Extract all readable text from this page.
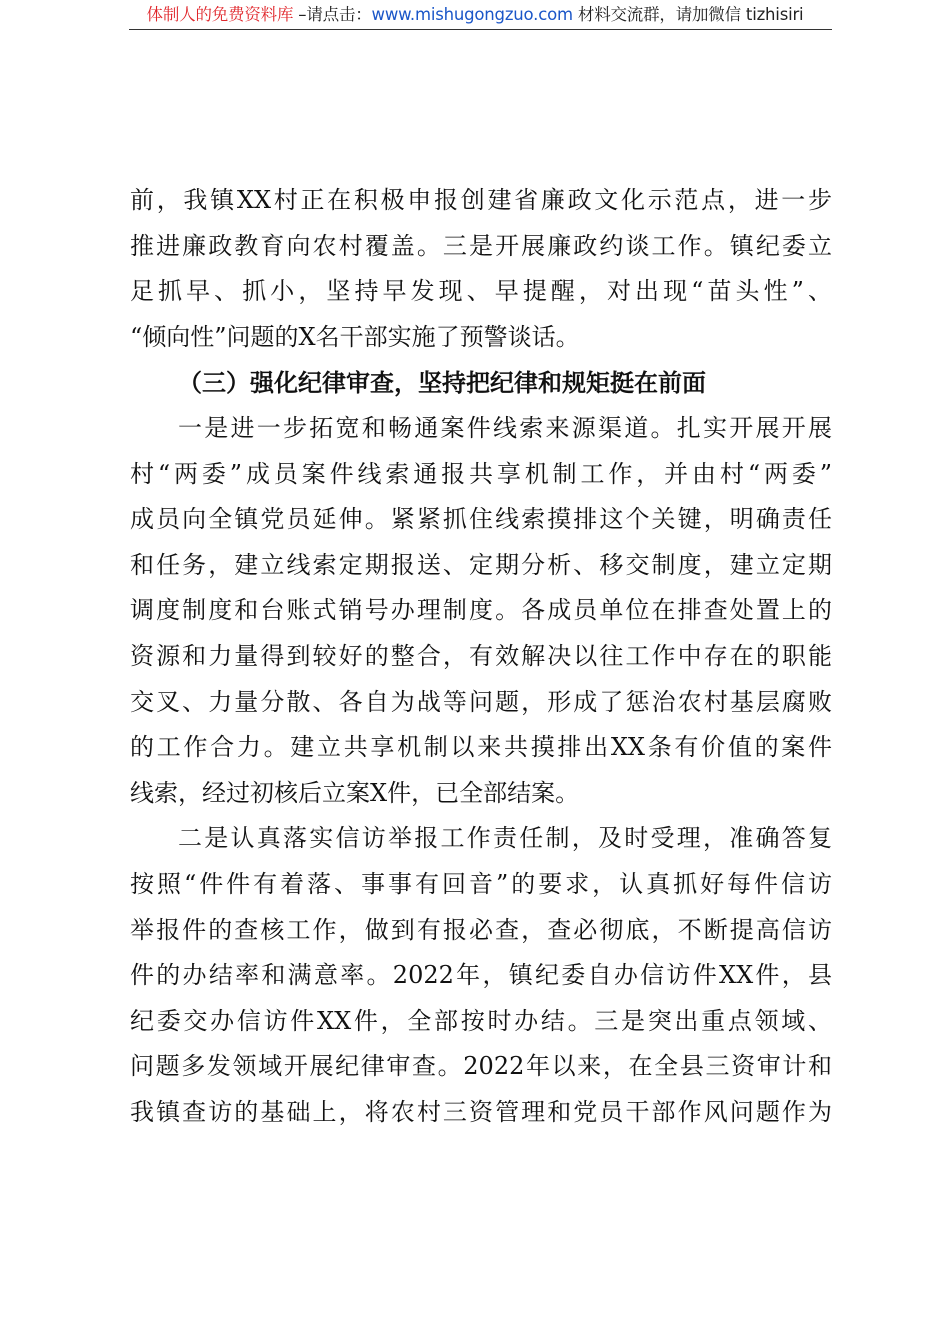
体制人的免费资料库 –请点击：www.mishugongzuo.com 材料交流群，请加微信 tizhisiri
前，我镇XX村正在积极申报创建省廉政文化示范点，进一步
推进廉政教育向农村覆盖。三是开展廉政约谈工作。镇纪委立
足抓早、抓小，坚持早发现、早提醒，对出现“苗头性”、
“倾向性”问题的X名干部实施了预警谈话。
（三）强化纪律审查，坚持把纪律和规矩挺在前面
一是进一步拓宽和畅通案件线索来源渠道。扎实开展开展
村“两委”成员案件线索通报共享机制工作，并由村“两委”
成员向全镇党员延伸。紧紧抓住线索摸排这个关键，明确责任
和任务，建立线索定期报送、定期分析、移交制度，建立定期
调度制度和台账式销号办理制度。各成员单位在排查处置上的
资源和力量得到较好的整合，有效解决以往工作中存在的职能
交叉、力量分散、各自为战等问题，形成了惩治农村基层腐败
的工作合力。建立共享机制以来共摸排出XX条有价值的案件
线索，经过初核后立案X件，已全部结案。
二是认真落实信访举报工作责任制，及时受理，准确答复
按照“件件有着落、事事有回音”的要求，认真抓好每件信访
举报件的查核工作，做到有报必查，查必彻底，不断提高信访
件的办结率和满意率。2022年，镇纪委自办信访件XX件，县
纪委交办信访件XX件，全部按时办结。三是突出重点领域、
问题多发领域开展纪律审查。2022年以来，在全县三资审计和
我镇查访的基础上，将农村三资管理和党员干部作风问题作为
